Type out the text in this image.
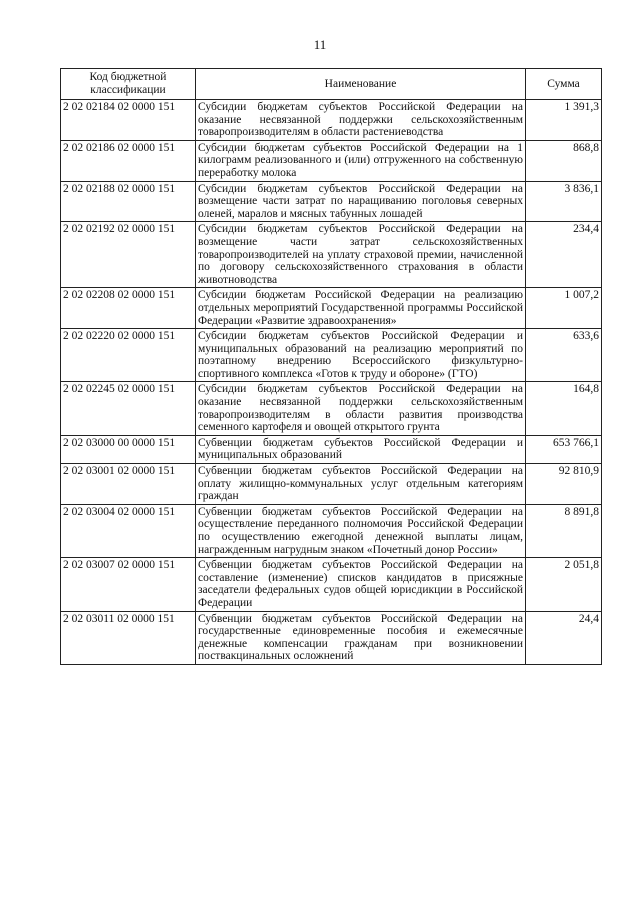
11
Код бюджетной классификации	Наименование	Сумма
2 02 02184 02 0000 151	Субсидии бюджетам субъектов Российской Федерации на оказание несвязанной поддержки сельскохозяйственным товаропроизводителям в области растениеводства	1 391,3
2 02 02186 02 0000 151	Субсидии бюджетам субъектов Российской Федерации на 1 килограмм реализованного и (или) отгруженного на собственную переработку молока	868,8
2 02 02188 02 0000 151	Субсидии бюджетам субъектов Российской Федерации на возмещение части затрат по наращиванию поголовья северных оленей, маралов и мясных табунных лошадей	3 836,1
2 02 02192 02 0000 151	Субсидии бюджетам субъектов Российской Федерации на возмещение части затрат сельскохозяйственных товаропроизводителей на уплату страховой премии, начисленной по договору сельскохозяйственного страхования в области животноводства	234,4
2 02 02208 02 0000 151	Субсидии бюджетам Российской Федерации на реализацию отдельных мероприятий Государственной программы Российской Федерации «Развитие здравоохранения»	1 007,2
2 02 02220 02 0000 151	Субсидии бюджетам субъектов Российской Федерации и муниципальных образований на реализацию мероприятий по поэтапному внедрению Всероссийского физкультурно-спортивного комплекса «Готов к труду и обороне» (ГТО)	633,6
2 02 02245 02 0000 151	Субсидии бюджетам субъектов Российской Федерации на оказание несвязанной поддержки сельскохозяйственным товаропроизводителям в области развития производства семенного картофеля и овощей открытого грунта	164,8
2 02 03000 00 0000 151	Субвенции бюджетам субъектов Российской Федерации и муниципальных образований	653 766,1
2 02 03001 02 0000 151	Субвенции бюджетам субъектов Российской Федерации на оплату жилищно-коммунальных услуг отдельным категориям граждан	92 810,9
2 02 03004 02 0000 151	Субвенции бюджетам субъектов Российской Федерации на осуществление переданного полномочия Российской Федерации по осуществлению ежегодной денежной выплаты лицам, награжденным нагрудным знаком «Почетный донор России»	8 891,8
2 02 03007 02 0000 151	Субвенции бюджетам субъектов Российской Федерации на составление (изменение) списков кандидатов в присяжные заседатели федеральных судов общей юрисдикции в Российской Федерации	2 051,8
2 02 03011 02 0000 151	Субвенции бюджетам субъектов Российской Федерации на государственные единовременные пособия и ежемесячные денежные компенсации гражданам при возникновении поствакцинальных осложнений	24,4
